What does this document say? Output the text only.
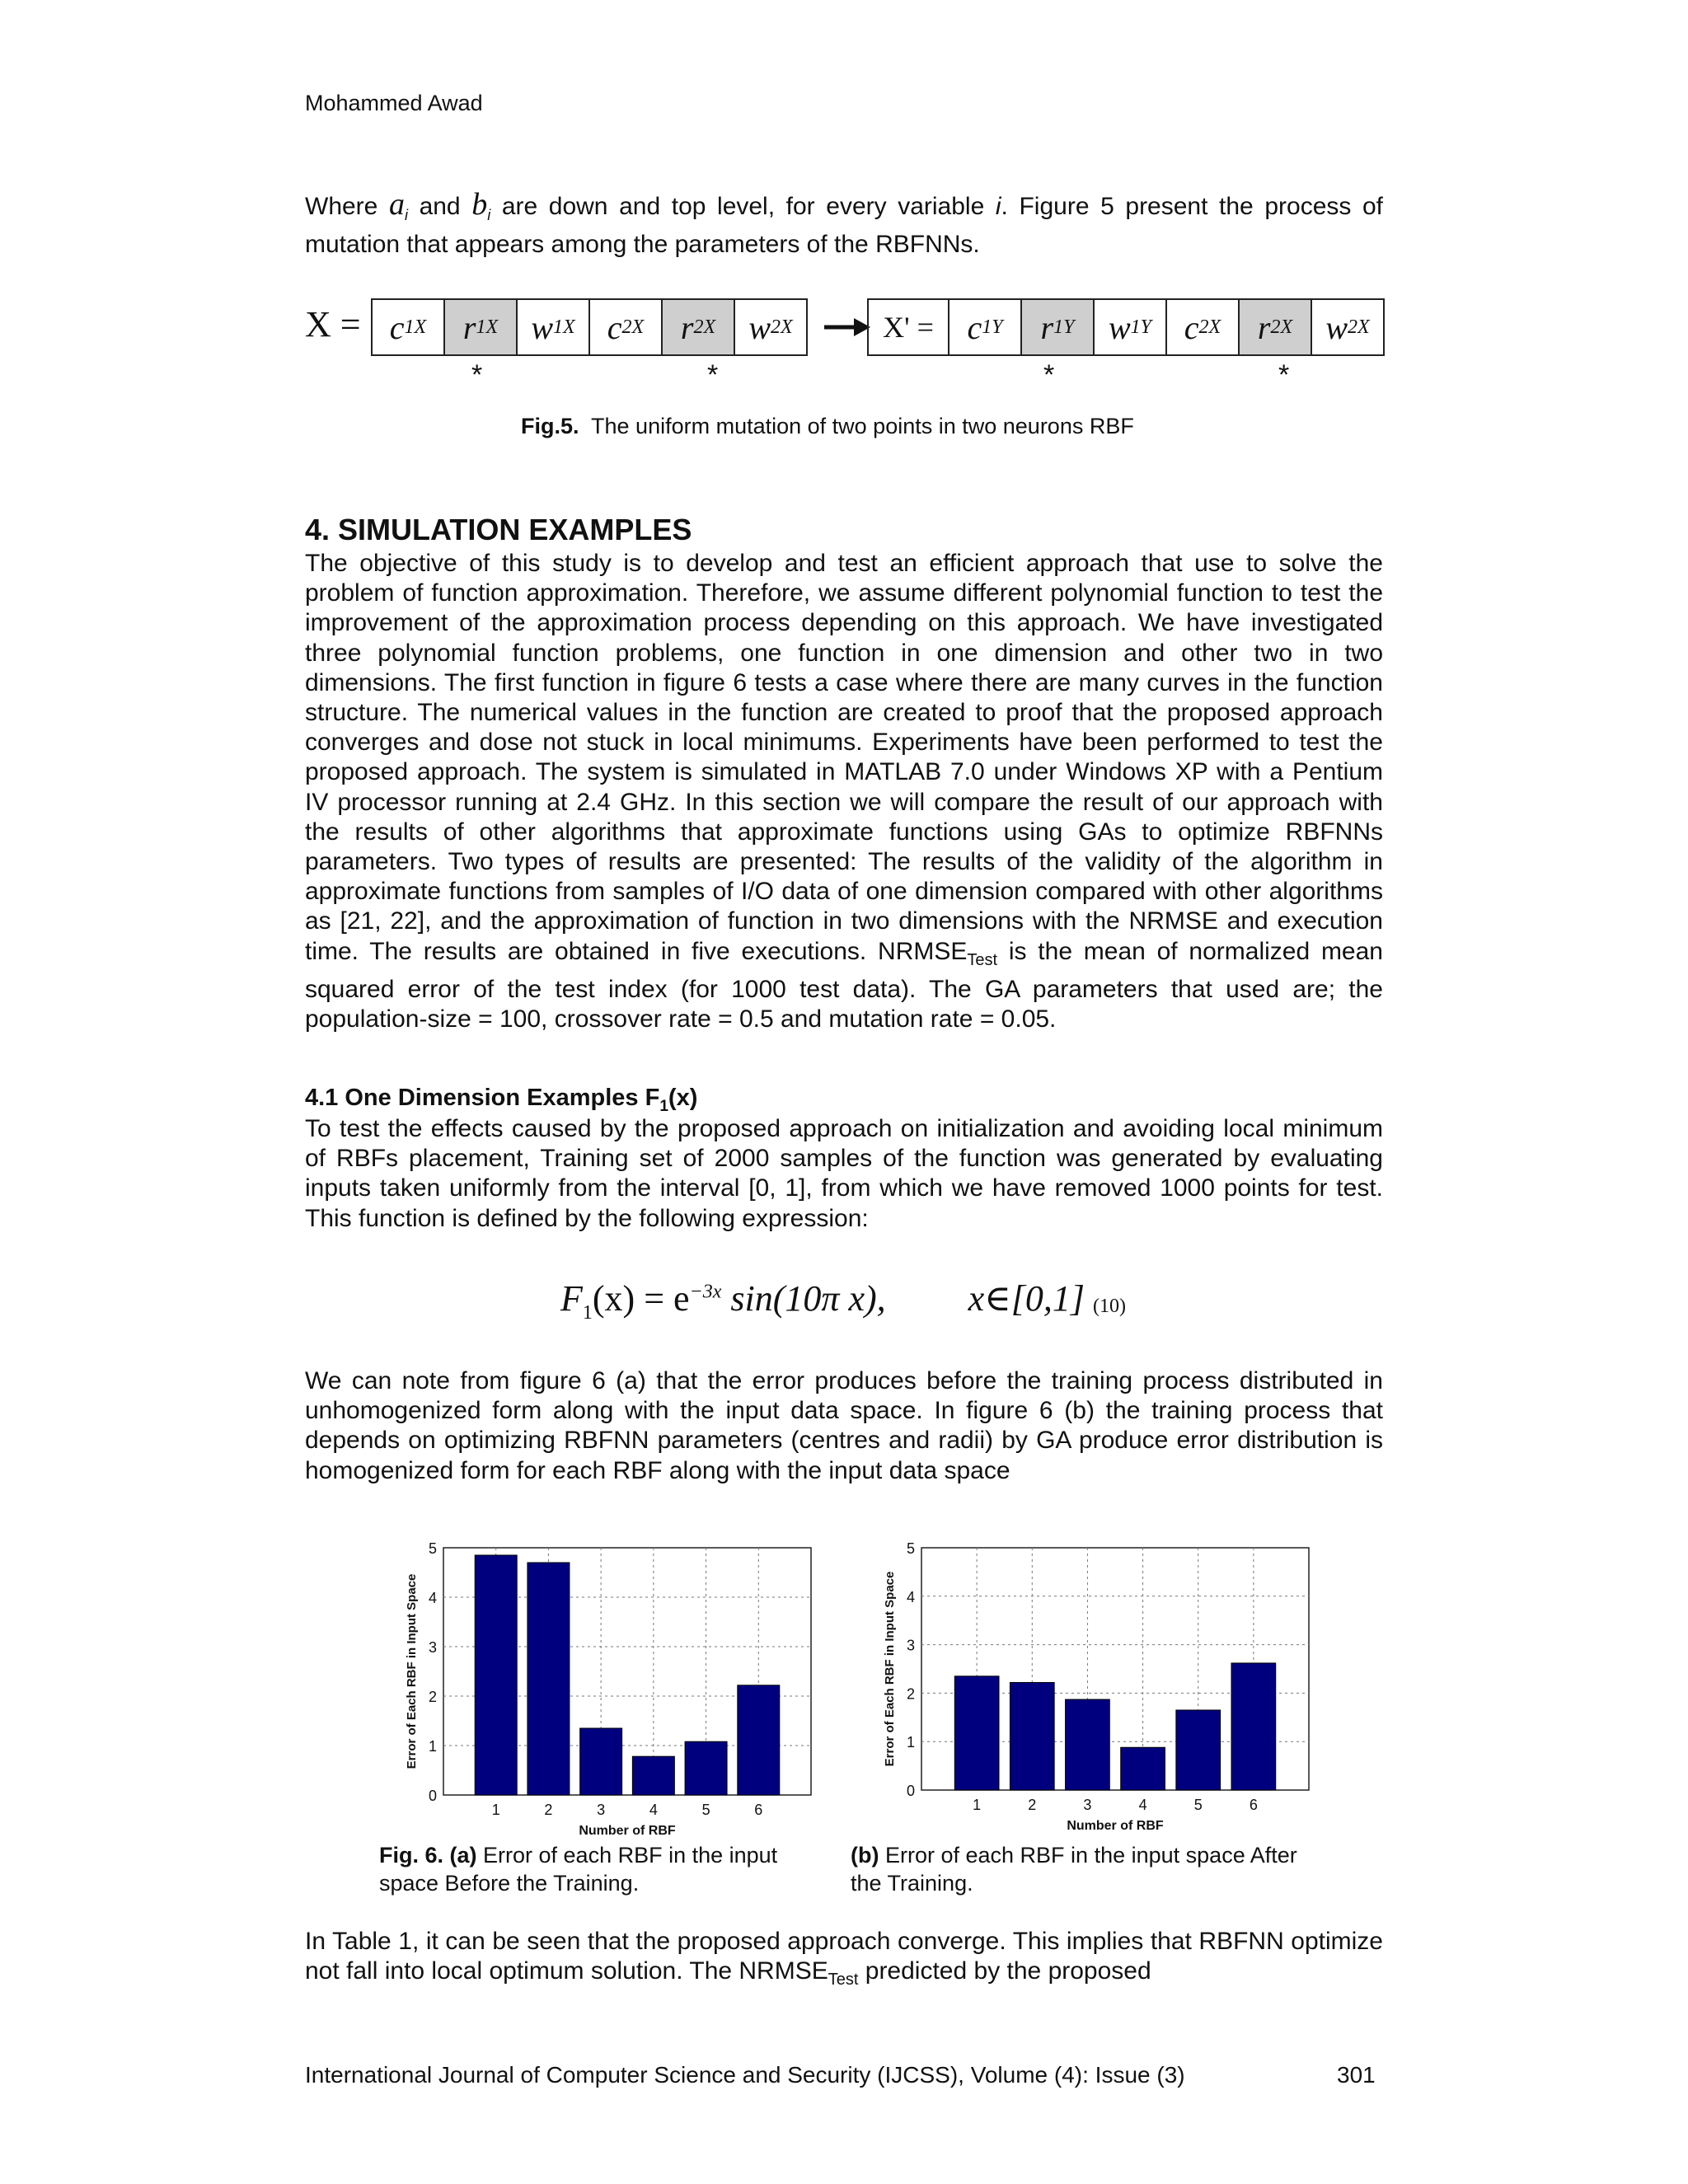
Mohammed Awad

Where $a_i$ and $b_i$ are down and top level, for every variable i. Figure 5 present the process of mutation that appears among the parameters of the RBFNNs.

X = c 1X r 1X w 1X c 2X r 2X w 2X	X' =	c 1Y r 1Y w 1Y c 2X r 2X w 2X
*	*	*	*
Fig.5. The uniform mutation of two points in two neurons RBF
4. SIMULATION EXAMPLES

The objective of this study is to develop and test an efficient approach that use to solve the problem of function approximation. Therefore, we assume different polynomial function to test the improvement of the approximation process depending on this approach. We have investigated three polynomial function problems, one function in one dimension and other two in two dimensions. The first function in figure 6 tests a case where there are many curves in the function structure. The numerical values in the function are created to proof that the proposed approach converges and dose not stuck in local minimums. Experiments have been performed to test the proposed approach. The system is simulated in MATLAB 7.0 under Windows XP with a Pentium IV processor running at 2.4 GHz. In this section we will compare the result of our approach with the results of other algorithms that approximate functions using GAs to optimize RBFNNs parameters. Two types of results are presented: The results of the validity of the algorithm in approximate functions from samples of I/O data of one dimension compared with other algorithms as [21, 22], and the approximation of function in two dimensions with the NRMSE and execution time. The results are obtained in five executions. $NRMSE_{Test}$ is the mean of normalized mean squared error of the test index (for 1000 test data). The GA parameters that used are; the population-size = 100, crossover rate = 0.5 and mutation rate = 0.05.

4.1 One Dimension Examples $F_1(x)$

To test the effects caused by the proposed approach on initialization and avoiding local minimum of RBFs placement, Training set of 2000 samples of the function was generated by evaluating inputs taken uniformly from the interval [0, 1], from which we have removed 1000 points for test. This function is defined by the following expression:

$F_1(x) = e^{-3x}$ sin(10π x), x∈[0,1] (10)

We can note from figure 6 (a) that the error produces before the training process distributed in unhomogenized form along with the input data space. In figure 6 (b) the training process that depends on optimizing RBFNN parameters (centres and radii) by GA produce error distribution is homogenized form for each RBF along with the input data space

0
1
2
3
4
5
1	2	3	4	5	6
Number of RBF
Error of Each RBF in Input Space
0
1
2
3
4
5
1	2	3	4	5	6
Number of RBF
Error of Each RBF in Input Space
Fig. 6. (a) Error of each RBF in the input space Before the Training.
(b) Error of each RBF in the input space After the Training.

In Table 1, it can be seen that the proposed approach converge. This implies that RBFNN optimize not fall into local optimum solution. The $NRMSE_{Test}$ predicted by the proposed

International Journal of Computer Science and Security (IJCSS), Volume (4): Issue (3)	301
